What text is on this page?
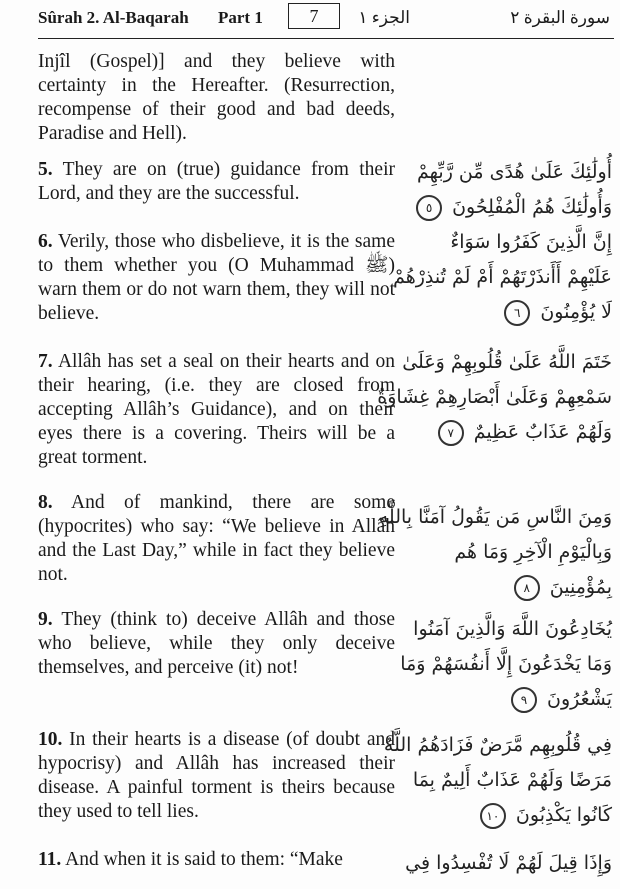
Sûrah 2. Al-Baqarah Part 1	7	الجزء ١	سورة البقرة ٢
Injîl (Gospel)] and they believe with certainty in the Hereafter. (Resurrection, recompense of their good and bad deeds, Paradise and Hell).
5. They are on (true) guidance from their Lord, and they are the successful.
أُولَٰئِكَ عَلَىٰ هُدًى مِّن رَّبِّهِمْ
وَأُولَٰئِكَ هُمُ الْمُفْلِحُونَ ٥
6. Verily, those who disbelieve, it is the same to them whether you (O Muhammad ﷺ) warn them or do not warn them, they will not believe.
إِنَّ الَّذِينَ كَفَرُوا سَوَاءٌ
عَلَيْهِمْ أَأَنذَرْتَهُمْ أَمْ لَمْ تُنذِرْهُمْ
لَا يُؤْمِنُونَ ٦
7. Allâh has set a seal on their hearts and on their hearing, (i.e. they are closed from accepting Allâh’s Guidance), and on their eyes there is a covering. Theirs will be a great torment.
خَتَمَ اللَّهُ عَلَىٰ قُلُوبِهِمْ وَعَلَىٰ
سَمْعِهِمْ وَعَلَىٰ أَبْصَارِهِمْ غِشَاوَةٌ
وَلَهُمْ عَذَابٌ عَظِيمٌ ٧
8. And of mankind, there are some (hypocrites) who say: “We believe in Allâh and the Last Day,” while in fact they believe not.
وَمِنَ النَّاسِ مَن يَقُولُ آمَنَّا بِاللَّهِ
وَبِالْيَوْمِ الْآخِرِ وَمَا هُم
بِمُؤْمِنِينَ ٨
9. They (think to) deceive Allâh and those who believe, while they only deceive themselves, and perceive (it) not!
يُخَادِعُونَ اللَّهَ وَالَّذِينَ آمَنُوا
وَمَا يَخْدَعُونَ إِلَّا أَنفُسَهُمْ وَمَا
يَشْعُرُونَ ٩
10. In their hearts is a disease (of doubt and hypocrisy) and Allâh has increased their disease. A painful torment is theirs because they used to tell lies.
فِي قُلُوبِهِم مَّرَضٌ فَزَادَهُمُ اللَّهُ
مَرَضًا وَلَهُمْ عَذَابٌ أَلِيمٌ بِمَا
كَانُوا يَكْذِبُونَ ١٠
11. And when it is said to them: “Make	وَإِذَا قِيلَ لَهُمْ لَا تُفْسِدُوا فِي
